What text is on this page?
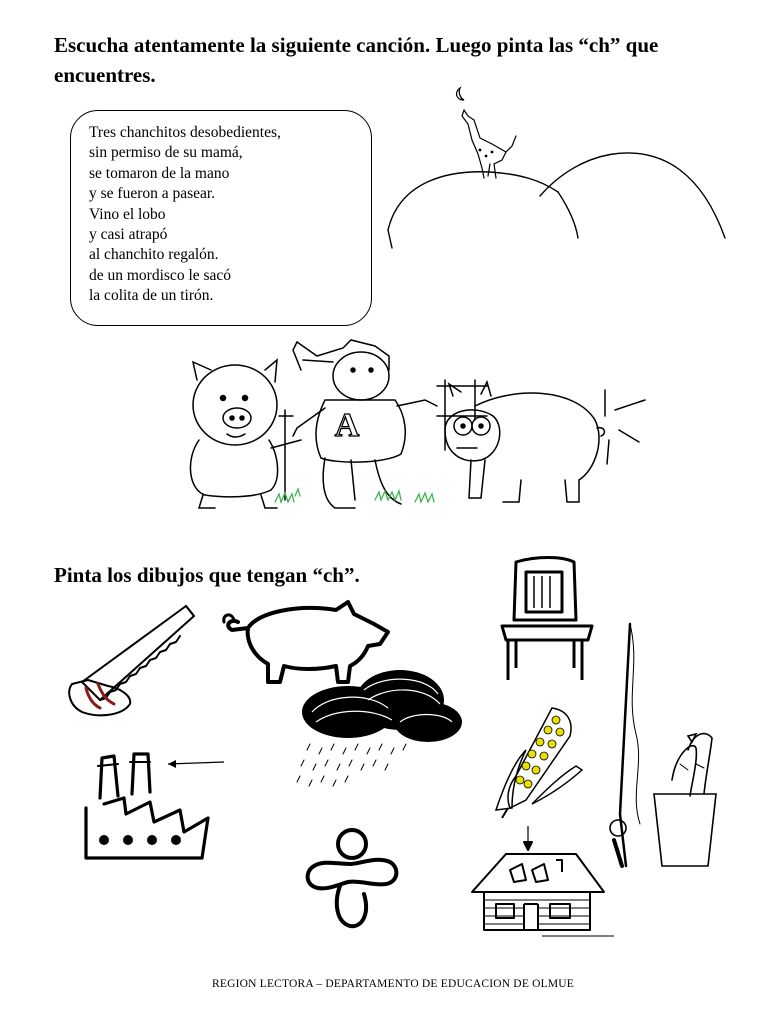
Escucha atentamente la siguiente canción. Luego pinta las “ch” que encuentres.
Tres chanchitos desobedientes,
sin permiso de su mamá,
se tomaron de la mano
y se fueron a pasear.
Vino el lobo
y casi atrapó
al chanchito regalón.
de un mordisco le sacó
la colita de un tirón.
A
Pinta los dibujos que tengan “ch”.
REGION LECTORA – DEPARTAMENTO DE EDUCACION DE OLMUE
